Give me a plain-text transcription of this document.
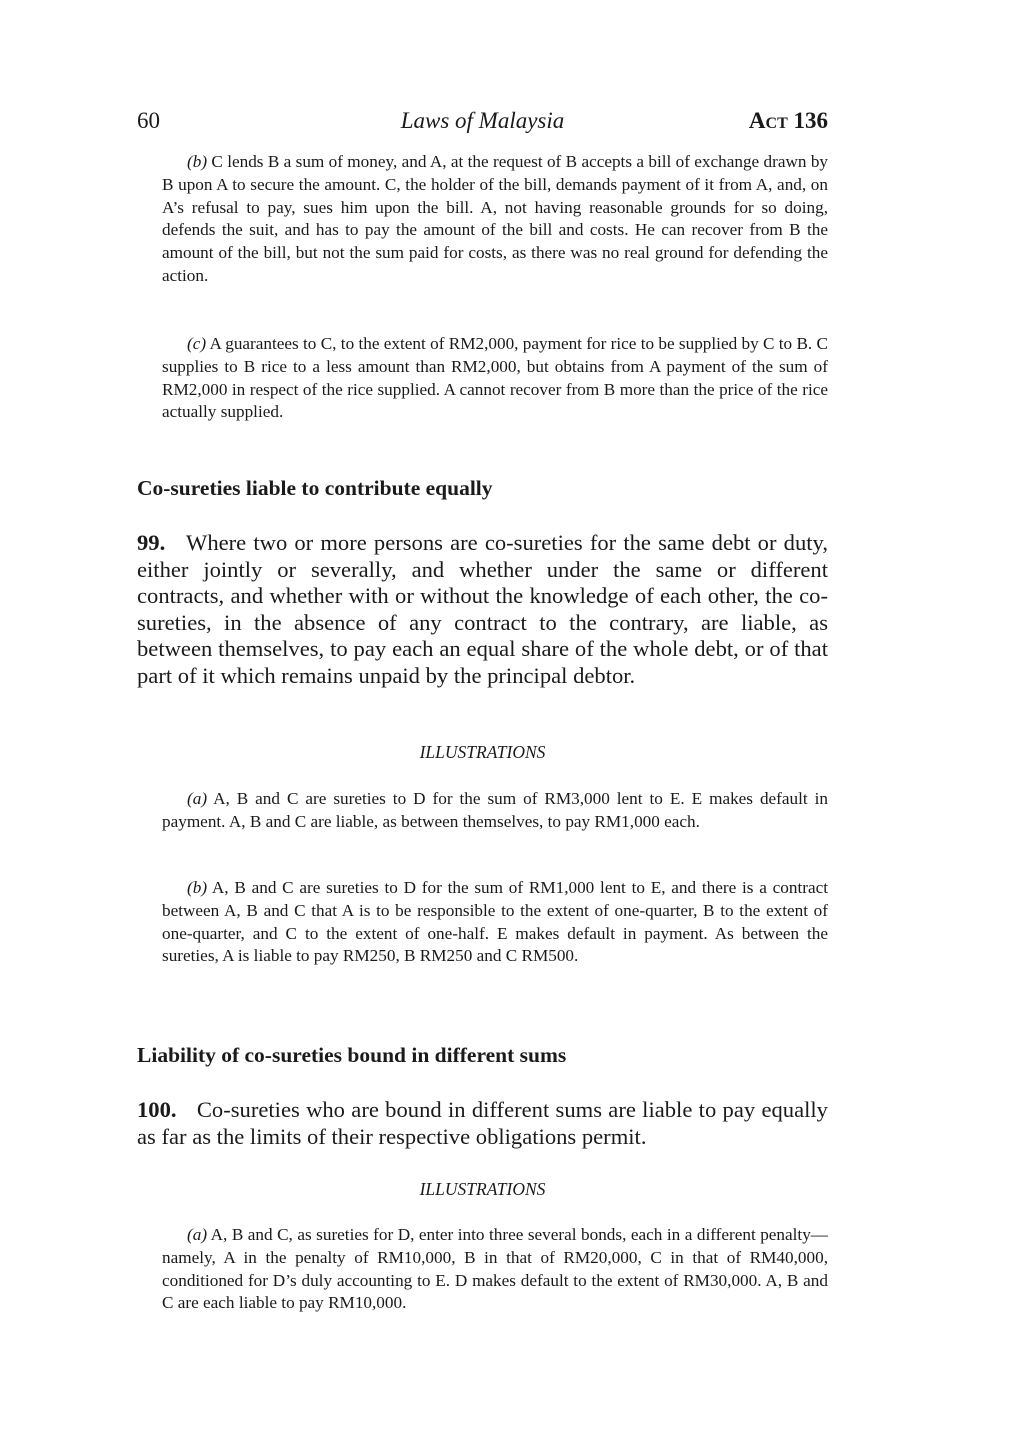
60	Laws of Malaysia	Act 136

(b) C lends B a sum of money, and A, at the request of B accepts a bill of exchange drawn by B upon A to secure the amount. C, the holder of the bill, demands payment of it from A, and, on A’s refusal to pay, sues him upon the bill. A, not having reasonable grounds for so doing, defends the suit, and has to pay the amount of the bill and costs. He can recover from B the amount of the bill, but not the sum paid for costs, as there was no real ground for defending the action.

(c) A guarantees to C, to the extent of RM2,000, payment for rice to be supplied by C to B. C supplies to B rice to a less amount than RM2,000, but obtains from A payment of the sum of RM2,000 in respect of the rice supplied. A cannot recover from B more than the price of the rice actually supplied.

Co-sureties liable to contribute equally

99. Where two or more persons are co-sureties for the same debt or duty, either jointly or severally, and whether under the same or different contracts, and whether with or without the knowledge of each other, the co-sureties, in the absence of any contract to the contrary, are liable, as between themselves, to pay each an equal share of the whole debt, or of that part of it which remains unpaid by the principal debtor.

ILLUSTRATIONS

(a) A, B and C are sureties to D for the sum of RM3,000 lent to E. E makes default in payment. A, B and C are liable, as between themselves, to pay RM1,000 each.

(b) A, B and C are sureties to D for the sum of RM1,000 lent to E, and there is a contract between A, B and C that A is to be responsible to the extent of one-quarter, B to the extent of one-quarter, and C to the extent of one-half. E makes default in payment. As between the sureties, A is liable to pay RM250, B RM250 and C RM500.

Liability of co-sureties bound in different sums

100. Co-sureties who are bound in different sums are liable to pay equally as far as the limits of their respective obligations permit.

ILLUSTRATIONS

(a) A, B and C, as sureties for D, enter into three several bonds, each in a different penalty—namely, A in the penalty of RM10,000, B in that of RM20,000, C in that of RM40,000, conditioned for D’s duly accounting to E. D makes default to the extent of RM30,000. A, B and C are each liable to pay RM10,000.
